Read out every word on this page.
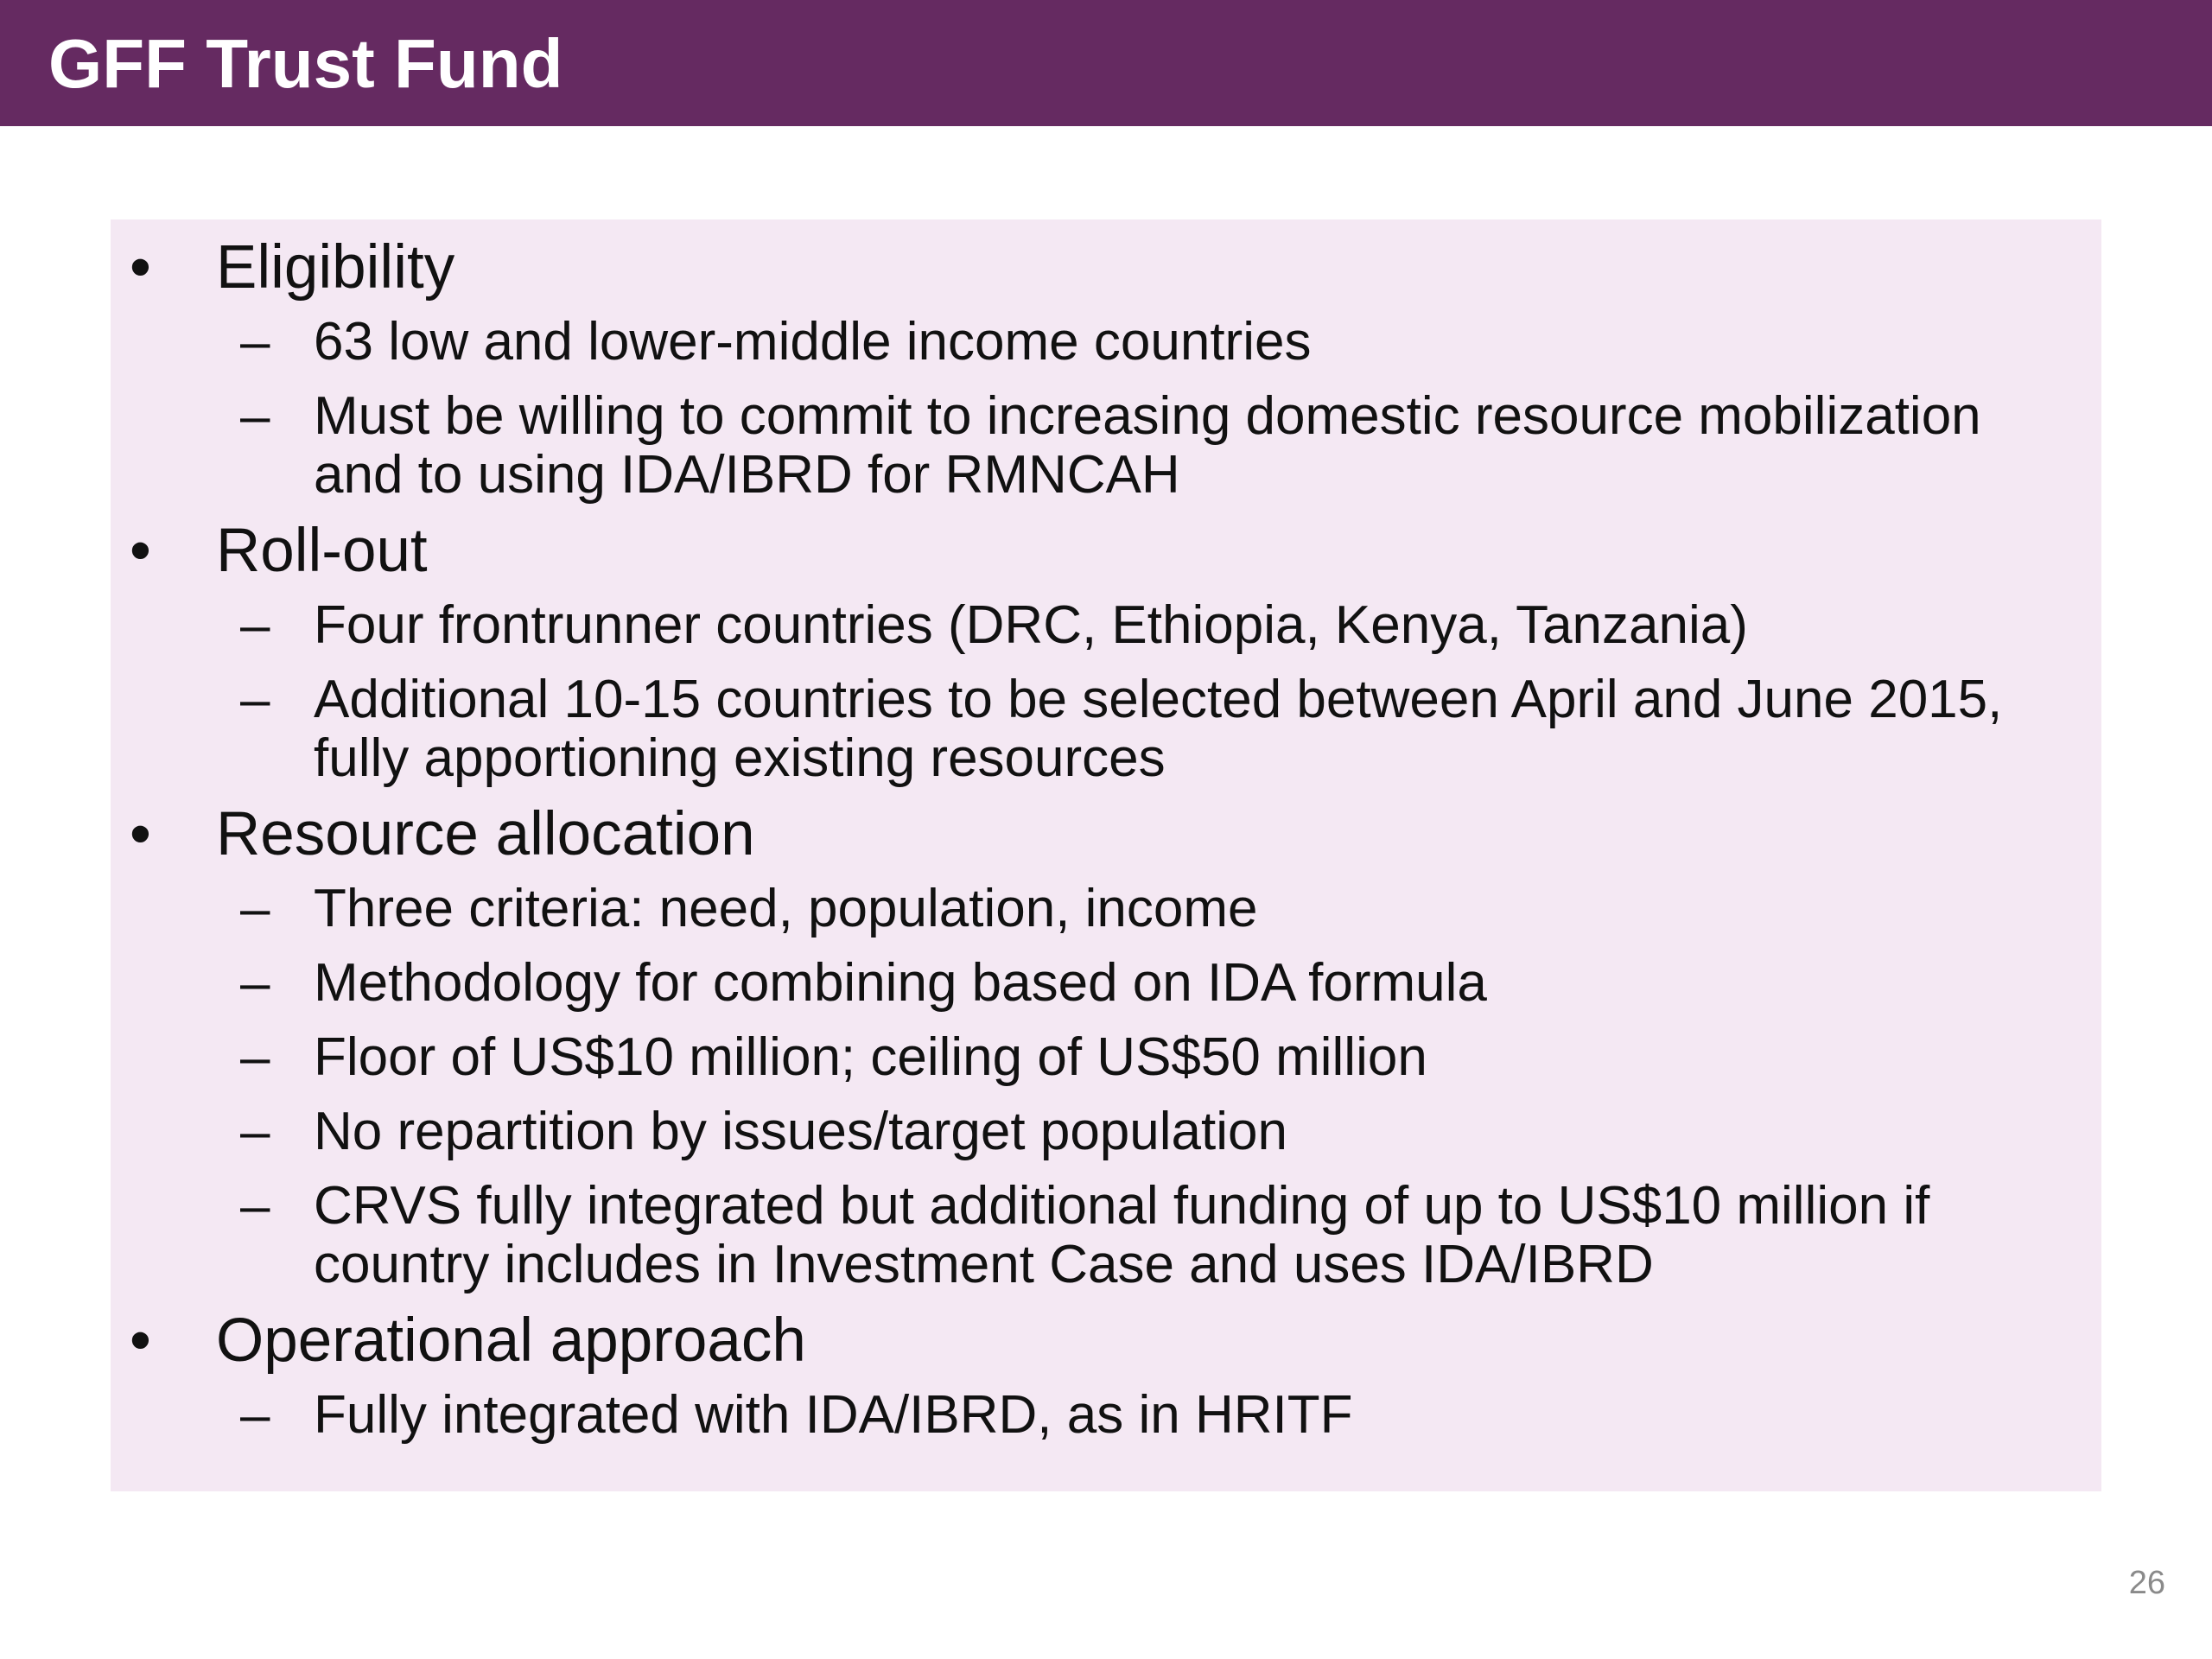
GFF Trust Fund
• Eligibility
– 63 low and lower-middle income countries
– Must be willing to commit to increasing domestic resource mobilization and to using IDA/IBRD for RMNCAH
• Roll-out
– Four frontrunner countries (DRC, Ethiopia, Kenya, Tanzania)
– Additional 10-15 countries to be selected between April and June 2015, fully apportioning existing resources
• Resource allocation
– Three criteria: need, population, income
– Methodology for combining based on IDA formula
– Floor of US$10 million; ceiling of US$50 million
– No repartition by issues/target population
– CRVS fully integrated but additional funding of up to US$10 million if country includes in Investment Case and uses IDA/IBRD
• Operational approach
– Fully integrated with IDA/IBRD, as in HRITF
26
